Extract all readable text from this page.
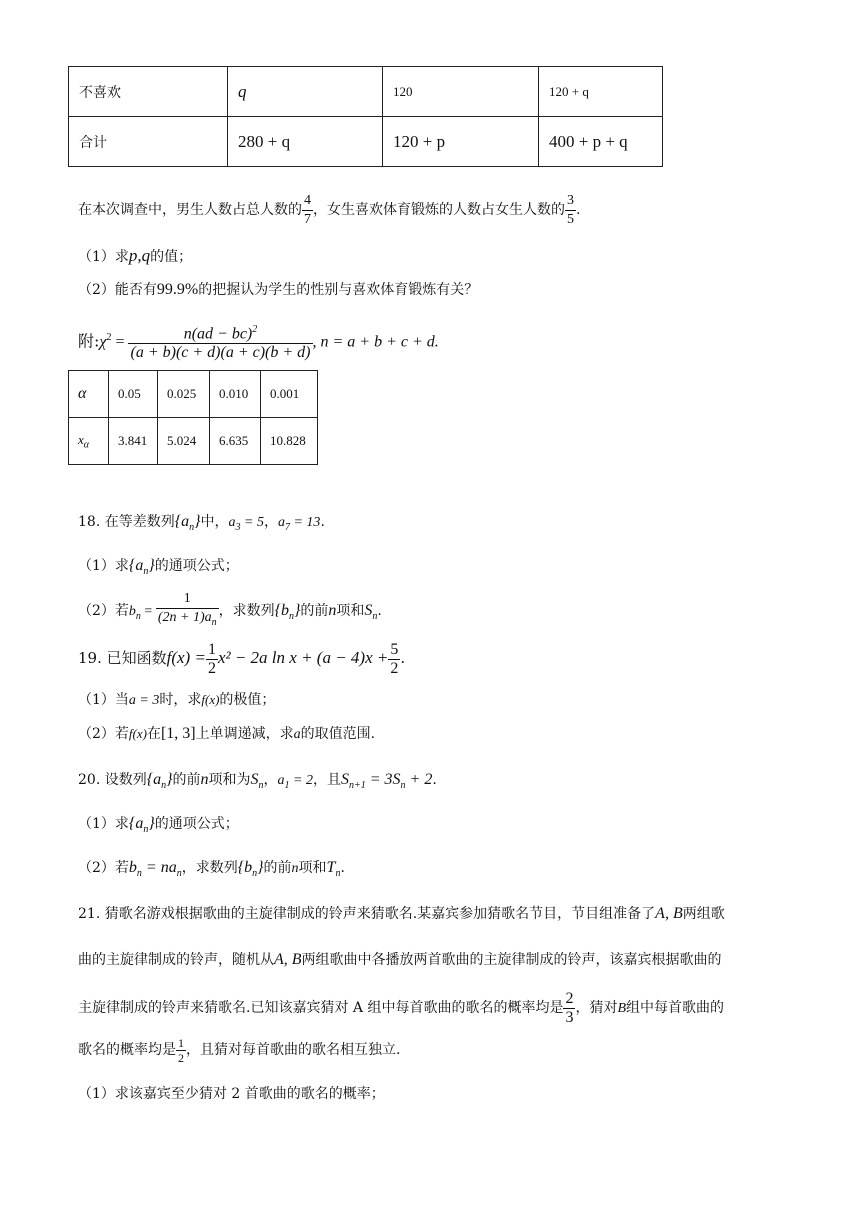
不喜欢	q	120	120 + q
合计	280 + q	120 + p	400 + p + q
在本次调查中，男生人数占总人数的 $\frac{4}{7}$ ，女生喜欢体育锻炼的人数占女生人数的 $\frac{3}{5}$ .
（1）求p,q的值；
（2）能否有99.9%的把握认为学生的性别与喜欢体育锻炼有关？
附$:\chi^2 = \frac{n(ad - bc)^2}{(a + b)(c + d)(a + c)(b + d)}$ , n = a + b + c + d.
α	0.05	0.025	0.010	0.001
$x_\alpha$	3.841	5.024	6.635	10.828
18. 在等差数列$\{a_n\}$中，$a_3 = 5$，$a_7 = 13$.
（1）求$\{a_n\}$的通项公式；
（2）若$b_n = \frac{1}{(2n + 1)a_n}$ ，求数列$\{b_n\}$的前n项和$S_n$.
19. 已知函数$f(x) = \frac{1}{2} x^2 - 2a$ $\ln x + (a - 4)x + \frac{5}{2}$ .
（1）当a = 3时，求f(x)的极值；
（2）若f(x)在[1, 3]上单调递减，求a的取值范围.
20. 设数列$\{a_n\}$的前n项和为$S_n$，$a_1 = 2$，且$S_{n+1} = 3S_n + 2$.
（1）求$\{a_n\}$的通项公式；
（2）若$b_n = na_n$，求数列$\{b_n\}$的前n项和$T_n$.
21. 猜歌名游戏根据歌曲的主旋律制成的铃声来猜歌名.某嘉宾参加猜歌名节目，节目组准备了A, B两组歌
曲的主旋律制成的铃声，随机从A, B两组歌曲中各播放两首歌曲的主旋律制成的铃声，该嘉宾根据歌曲的
主旋律制成的铃声来猜歌名.已知该嘉宾猜对 A 组中每首歌曲的歌名的概率均是 $\frac{2}{3}$ ，猜对B组中每首歌曲的
歌名的概率均是 $\frac{1}{2}$ ，且猜对每首歌曲的歌名相互独立.
（1）求该嘉宾至少猜对 2 首歌曲的歌名的概率；
